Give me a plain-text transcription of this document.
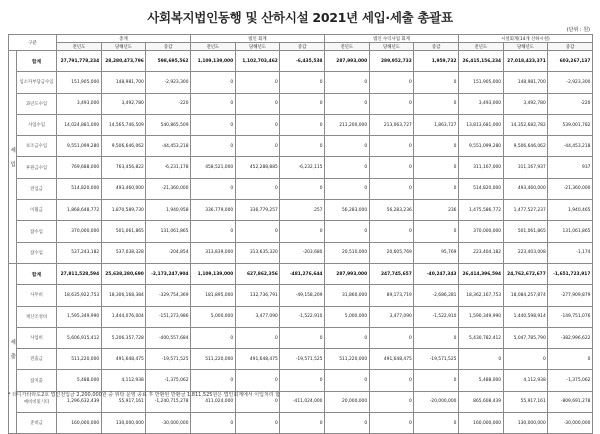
사회복지법인동행 및 산하시설 2021년 세입·세출 총괄표
(단위 : 원)
구분		총계			법인 회계			법인 수익사업 회계			시설회계(14개 산하시설)		
		전년도	당해년도	증감	전년도	당해년도	증감	전년도	당해년도	증감	전년도	당해년도	증감
세

입	합계	27,791,778,234	28,280,473,796	598,695,562	1,109,139,000	1,102,703,462	-6,435,538	287,993,000	289,952,732	1,959,732	26,415,156,234	27,018,423,371	603,267,137
	입소자부담금수입	151,905,000	148,981,700	-2,923,300	0	0	0	0	0	0	151,905,000	148,981,700	-2,923,300
	과년도수입	3,493,000	3,492,780	-220	0	0	0	0	0	0	3,493,000	3,492,780	-220
	사업수입	14,024,881,000	14,565,746,509	540,865,509	0	0	0	211,200,000	213,063,727	1,863,727	13,813,681,000	14,352,682,782	539,001,782
	보조금수입	9,551,099,280	9,506,646,062	-44,453,218	0	0	0	0	0	0	9,551,099,280	9,506,646,062	-44,453,218
	후원금수입	769,688,000	763,456,822	-6,231,178	458,521,000	452,288,885	-6,232,115	0	0	0	311,167,000	311,167,937	937
	전입금	514,820,000	493,460,000	-21,360,000	0	0	0	0	0	0	514,820,000	493,460,000	-21,360,000
	이월금	1,868,648,772	1,870,589,730	1,940,958	336,779,000	336,779,257	257	56,283,000	56,283,236	236	1,475,586,772	1,477,527,237	1,940,465
	잡수입	370,000,000	501,061,865	131,061,865	0	0	0	0	0	0	370,000,000	501,061,865	131,061,865
	잡수입	537,243,182	537,038,328	-204,854	313,839,000	313,635,320	-203,680	20,510,000	20,605,769	95,769	223,404,182	223,403,008	-1,174
세

출	합계	27,811,528,594	25,638,280,690	-2,173,247,904	1,109,139,000	627,862,356	-481,276,644	287,993,000	247,745,657	-40,247,343	26,414,396,594	24,762,672,677	-1,651,723,917
	사무비	18,635,922,753	18,306,168,384	-329,754,369	181,895,000	132,736,791	-49,158,209	31,860,000	89,173,719	-2,686,281	18,362,167,753	18,084,257,874	-277,909,879
	재산조성비	1,595,349,990	1,444,076,004	-151,273,986	5,000,000	3,477,090	-1,522,910	5,000,000	3,477,090	-1,522,910	1,590,349,990	1,440,598,914	-149,751,076
	사업비	5,606,915,412	5,206,357,728	-400,557,684	0	0	0	0	0	0	5,430,782,412	5,047,785,790	-382,996,622
	전출금	511,220,000	491,648,475	-19,571,525	511,220,000	491,648,475	-19,571,525	511,220,000	491,648,475	-19,571,525	0	0	0
	잡지출	5,488,000	4,112,938	-1,375,062	0	0	0	0	0	0	5,488,000	4,112,938	-1,375,062
	예비비및기타	1,296,632,439	55,917,161	-1,240,715,278	411,024,000	0	-411,024,000	20,000,000	0	-20,000,000	865,608,439	55,917,161	-809,691,278
	준비금	160,000,000	130,000,000	-30,000,000	0	0	0	0	0	0	160,000,000	130,000,000	-30,000,000
* 더디가타라도2호 법인전입금 2,200,000원 중 위탁 운영 종료 후 반환된 반환금 1,811,525원은 법인회계에서 이입처리 함
